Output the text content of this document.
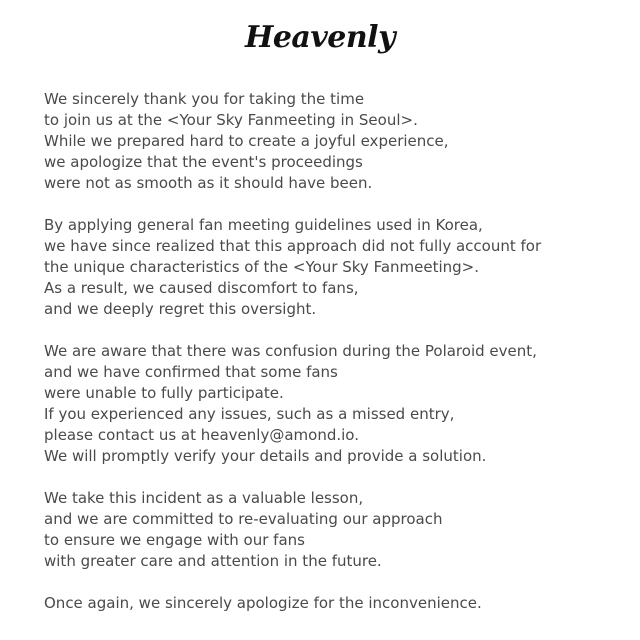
Heavenly

We sincerely thank you for taking the time
to join us at the <Your Sky Fanmeeting in Seoul>.
While we prepared hard to create a joyful experience,
we apologize that the event's proceedings
were not as smooth as it should have been.

By applying general fan meeting guidelines used in Korea,
we have since realized that this approach did not fully account for
the unique characteristics of the <Your Sky Fanmeeting>.
As a result, we caused discomfort to fans,
and we deeply regret this oversight.

We are aware that there was confusion during the Polaroid event,
and we have confirmed that some fans
were unable to fully participate.
If you experienced any issues, such as a missed entry,
please contact us at heavenly@amond.io.
We will promptly verify your details and provide a solution.

We take this incident as a valuable lesson,
and we are committed to re-evaluating our approach
to ensure we engage with our fans
with greater care and attention in the future.

Once again, we sincerely apologize for the inconvenience.
